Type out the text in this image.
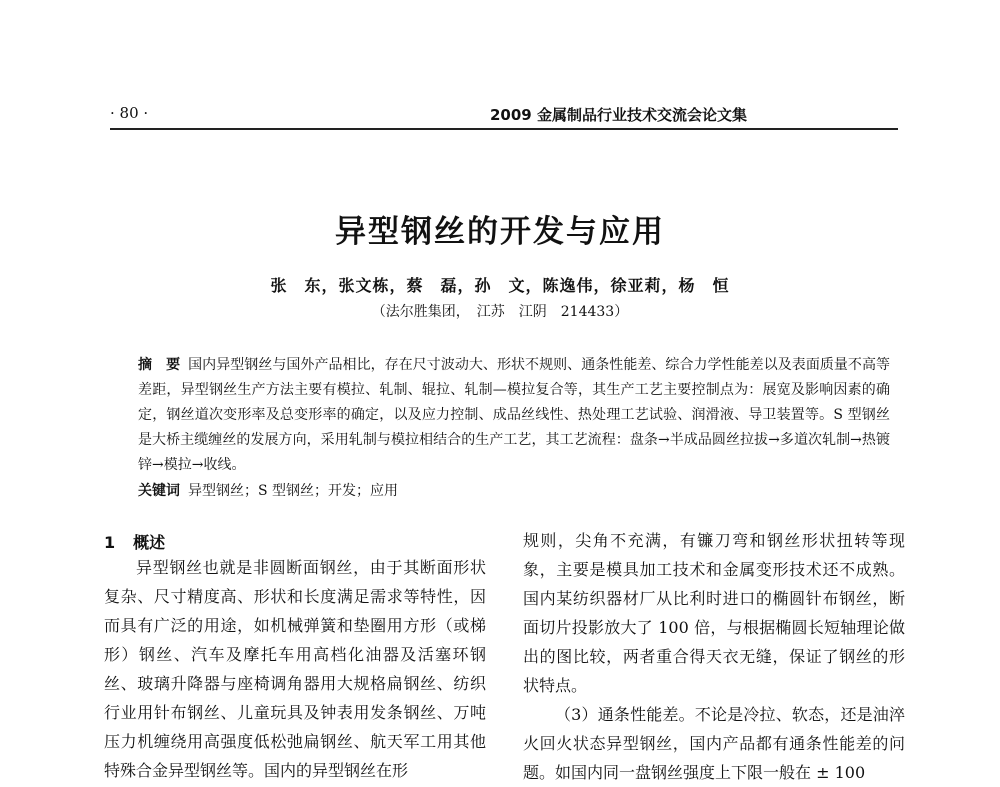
· 80 ·	2009 金属制品行业技术交流会论文集
异型钢丝的开发与应用
张　东，张文栋，蔡　磊，孙　文，陈逸伟，徐亚莉，杨　恒
（法尔胜集团，　江苏　江阴　214433）
摘　要 国内异型钢丝与国外产品相比，存在尺寸波动大、形状不规则、通条性能差、综合力学性能差以及表面质量不高等差距，异型钢丝生产方法主要有模拉、轧制、辊拉、轧制—模拉复合等，其生产工艺主要控制点为：展宽及影响因素的确定，钢丝道次变形率及总变形率的确定，以及应力控制、成品丝线性、热处理工艺试验、润滑液、导卫装置等。S 型钢丝是大桥主缆缠丝的发展方向，采用轧制与模拉相结合的生产工艺，其工艺流程：盘条→半成品圆丝拉拔→多道次轧制→热镀锌→模拉→收线。
关键词 异型钢丝；S 型钢丝；开发；应用
1 概述

异型钢丝也就是非圆断面钢丝，由于其断面形状复杂、尺寸精度高、形状和长度满足需求等特性，因而具有广泛的用途，如机械弹簧和垫圈用方形（或梯形）钢丝、汽车及摩托车用高档化油器及活塞环钢丝、玻璃升降器与座椅调角器用大规格扁钢丝、纺织行业用针布钢丝、儿童玩具及钟表用发条钢丝、万吨压力机缠绕用高强度低松弛扁钢丝、航天军工用其他特殊合金异型钢丝等。国内的异型钢丝在形

规则，尖角不充满，有镰刀弯和钢丝形状扭转等现象，主要是模具加工技术和金属变形技术还不成熟。国内某纺织器材厂从比利时进口的椭圆针布钢丝，断面切片投影放大了 100 倍，与根据椭圆长短轴理论做出的图比较，两者重合得天衣无缝，保证了钢丝的形状特点。

（3）通条性能差。不论是冷拉、软态，还是油淬火回火状态异型钢丝，国内产品都有通条性能差的问题。如国内同一盘钢丝强度上下限一般在 ± 100
